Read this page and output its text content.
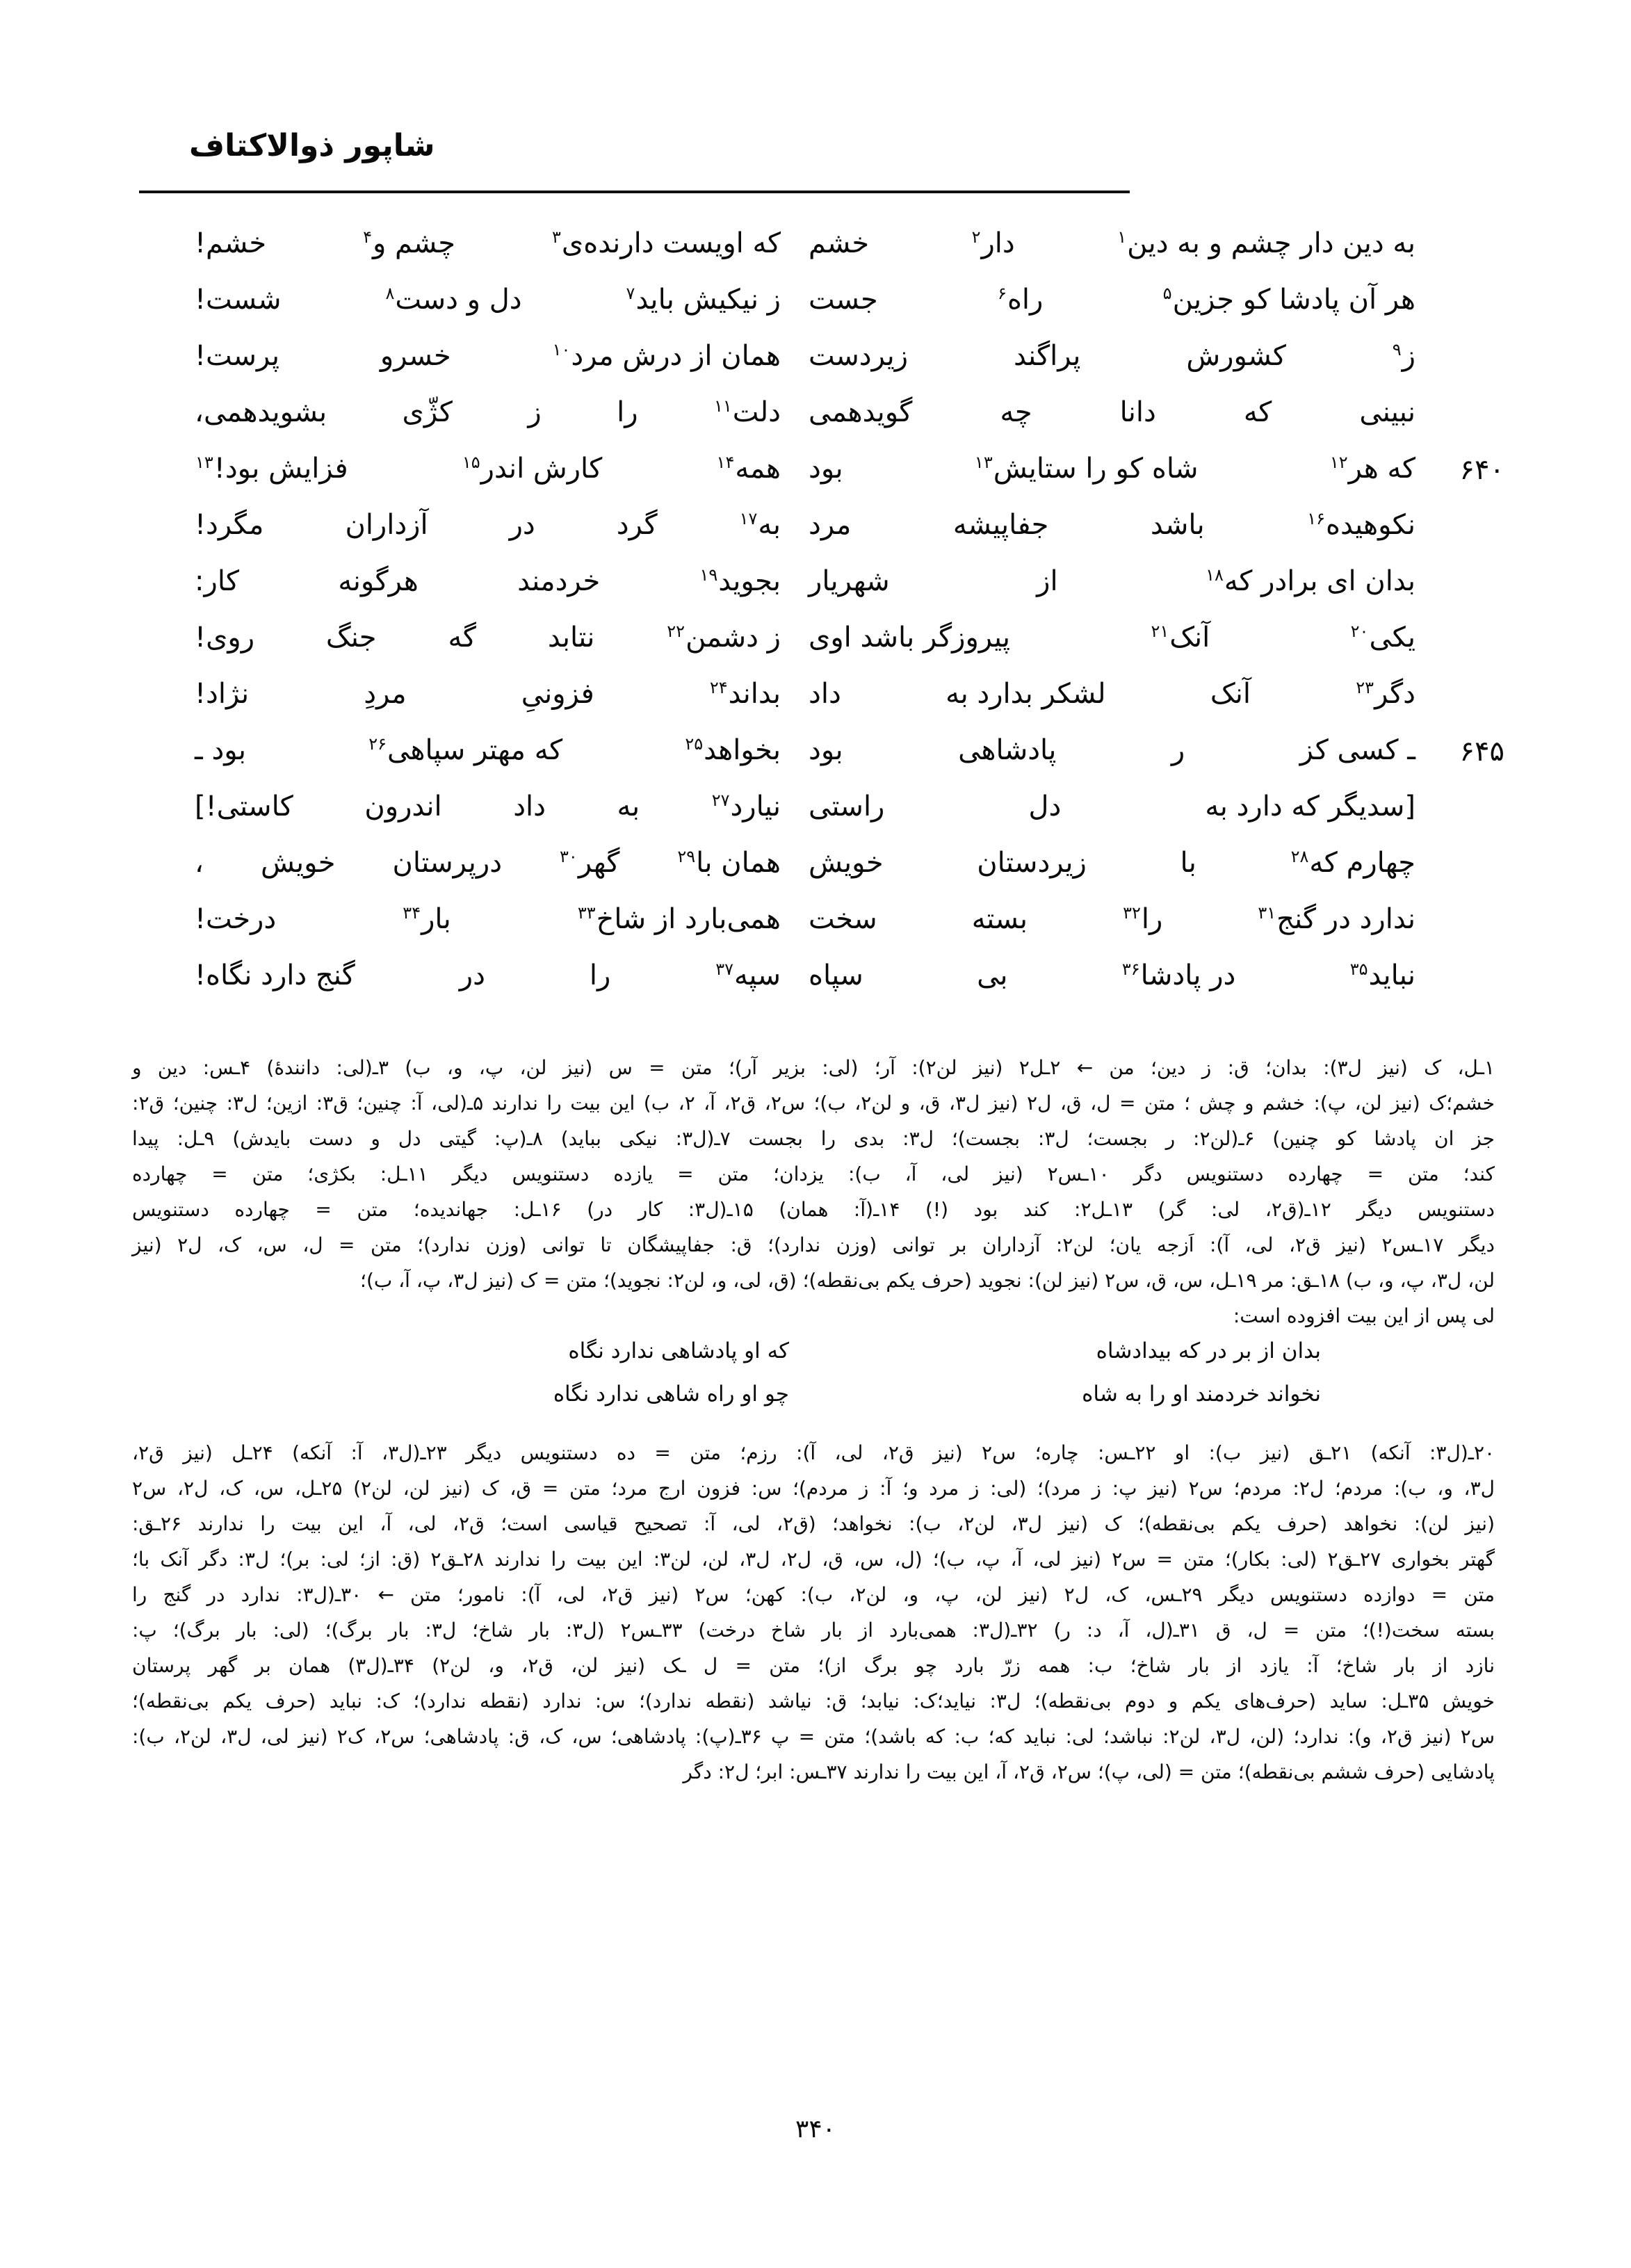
شاپور ذوالاکتاف
به دین دار چشم و به دین$^۱$
دار$^۲$
خشم
که اویست دارنده‌ی$^۳$
چشم و$^۴$
خشم!
هر آن پادشا کو جزین$^۵$
راه$^۶$
جست
ز نیکیش باید$^۷$
دل و دست$^۸$
شست!
ز$^۹$
کشورش
پراگند
زیردست
همان از درش مرد$^{۱۰}$
خسرو
پرست!
نبینی
که
دانا
چه
گویدهمی
دلت$^{۱۱}$
را
ز
کژّی
بشویدهمی،
۶۴۰
که هر$^{۱۲}$
شاه کو را ستایش$^{۱۳}$
بود
همه$^{۱۴}$
کارش اندر$^{۱۵}$
فزایش بود!$^{۱۳}$
نکوهیده$^{۱۶}$
باشد
جفاپیشه
مرد
به$^{۱۷}$
گرد
در
آزداران
مگرد!
بدان ای برادر که$^{۱۸}$
از
شهریار
بجوید$^{۱۹}$
خردمند
هرگونه
کار:
یکی$^{۲۰}$
آنک$^{۲۱}$
پیروزگر باشد اوی
ز دشمن$^{۲۲}$
نتابد
گه
جنگ
روی!
دگر$^{۲۳}$
آنک
لشکر بدارد به
داد
بداند$^{۲۴}$
فزونیِ
مردِ
نژاد!
۶۴۵
ـ کسی کز
ر
پادشاهی
بود
بخواهد$^{۲۵}$
که مهتر سپاهی$^{۲۶}$
بود ـ
[سدیگر که دارد به
دل
راستی
نیارد$^{۲۷}$
به
داد
اندرون
کاستی!]
چهارم که$^{۲۸}$
با
زیردستان
خویش
همان با$^{۲۹}$
گهر$^{۳۰}$
درپرستان
خویش
،
ندارد در گنج$^{۳۱}$
را$^{۳۲}$
بسته
سخت
همی‌بارد از شاخ$^{۳۳}$
بار$^{۳۴}$
درخت!
نباید$^{۳۵}$
در پادشا$^{۳۶}$
بی
سپاه
سپه$^{۳۷}$
را
در
گنج دارد نگاه!
۱ـل، ک (نیز ل۳): بدان؛ ق: ز دین؛ من ← ۲ـل۲ (نیز لن۲): آر؛ (لی: بزیر آر)؛ متن = س (نیز لن، پ، و، ب) ۳ـ(لی: دانندهٔ) ۴ـس: دین و
خشم؛ک (نیز لن، پ): خشم و چش ؛ متن = ل، ق، ل۲ (نیز ل۳، ق، و لن۲، ب)؛ س۲، ق۲، آ، ۲، ب) این بیت را ندارند ۵ـ(لی، آ: چنین؛ ق۳: ازین؛ ل۳: چنین؛ ق۲:
جز ان پادشا کو چنین) ۶ـ(لن۲: ر بجست؛ ل۳: بجست)؛ ل۳: بدی را بجست ۷ـ(ل۳: نیکی بباید) ۸ـ(پ: گیتی دل و دست بایدش) ۹ـل: پیدا
کند؛ متن = چهارده دستنویس دگر ۱۰ـس۲ (نیز لی، آ، ب): یزدان؛ متن = یازده دستنویس دیگر ۱۱ـل: بکژی؛ متن = چهارده
دستنویس دیگر ۱۲ـ(ق۲، لی: گر) ۱۳ـل۲: کند بود (!) ۱۴ـ(آ: همان) ۱۵ـ(ل۳: کار در) ۱۶ـل: جهاندیده؛ متن = چهارده دستنویس
دیگر ۱۷ـس۲ (نیز ق۲، لی، آ): اَزجه یان؛ لن۲: آزداران بر توانی (وزن ندارد)؛ ق: جفاپیشگان تا توانی (وزن ندارد)؛ متن = ل، س، ک، ل۲ (نیز
لن، ل۳، پ، و، ب) ۱۸ـق: مر ۱۹ـل، س، ق، س۲ (نیز لن): نجوید (حرف یکم بی‌نقطه)؛ (ق، لی، و، لن۲: نجوید)؛ متن = ک (نیز ل۳، پ، آ، ب)؛
لی پس از این بیت افزوده است:
بدان از بر در که بیدادشاه
که او پادشاهی ندارد نگاه
نخواند خردمند او را به شاه
چو او راه شاهی ندارد نگاه
۲۰ـ(ل۳: آنکه) ۲۱ـق (نیز ب): او ۲۲ـس: چاره؛ س۲ (نیز ق۲، لی، آ): رزم؛ متن = ده دستنویس دیگر ۲۳ـ(ل۳، آ: آنکه) ۲۴ـل (نیز ق۲،
ل۳، و، ب): مردم؛ ل۲: مردم؛ س۲ (نیز پ: ز مرد)؛ (لی: ز مرد و؛ آ: ز مردم)؛ س: فزون ارج مرد؛ متن = ق، ک (نیز لن، لن۲) ۲۵ـل، س، ک، ل۲، س۲
(نیز لن): نخواهد (حرف یکم بی‌نقطه)؛ ک (نیز ل۳، لن۲، ب): نخواهد؛ (ق۲، لی، آ: تصحیح قیاسی است؛ ق۲، لی، آ، این بیت را ندارند ۲۶ـق:
گهتر بخواری ۲۷ـق۲ (لی: بکار)؛ متن = س۲ (نیز لی، آ، پ، ب)؛ (ل، س، ق، ل۲، ل۳، لن، لن۳: این بیت را ندارند ۲۸ـق۲ (ق: از؛ لی: بر)؛ ل۳: دگر آنک با؛
متن = دوازده دستنویس دیگر ۲۹ـس، ک، ل۲ (نیز لن، پ، و، لن۲، ب): کهن؛ س۲ (نیز ق۲، لی، آ): نامور؛ متن ← ۳۰ـ(ل۳: ندارد در گنج را
بسته سخت(!)؛ متن = ل، ق ۳۱ـ(ل، آ، د: ر) ۳۲ـ(ل۳: همی‌بارد از بار شاخ درخت) ۳۳ـس۲ (ل۳: بار شاخ؛ ل۳: بار برگ)؛ (لی: بار برگ)؛ پ:
نازد از بار شاخ؛ آ: یازد از بار شاخ؛ ب: همه زرّ بارد چو برگ از)؛ متن = ل ـک (نیز لن، ق۲، و، لن۲) ۳۴ـ(ل۳) همان بر گهر پرستان
خویش ۳۵ـل: ساید (حرف‌های یکم و دوم بی‌نقطه)؛ ل۳: نیاید؛ک: نیابد؛ ق: نیاشد (نقطه ندارد)؛ س: ندارد (نقطه ندارد)؛ ک: نباید (حرف یکم بی‌نقطه)؛
س۲ (نیز ق۲، و): ندارد؛ (لن، ل۳، لن۲: نباشد؛ لی: نباید که؛ ب: که باشد)؛ متن = پ ۳۶ـ(پ): پادشاهی؛ س، ک، ق: پادشاهی؛ س۲، ک۲ (نیز لی، ل۳، لن۲، ب):
پادشایی (حرف ششم بی‌نقطه)؛ متن = (لی، پ)؛ س۲، ق۲، آ، این بیت را ندارند ۳۷ـس: ابر؛ ل۲: دگر
۳۴۰
